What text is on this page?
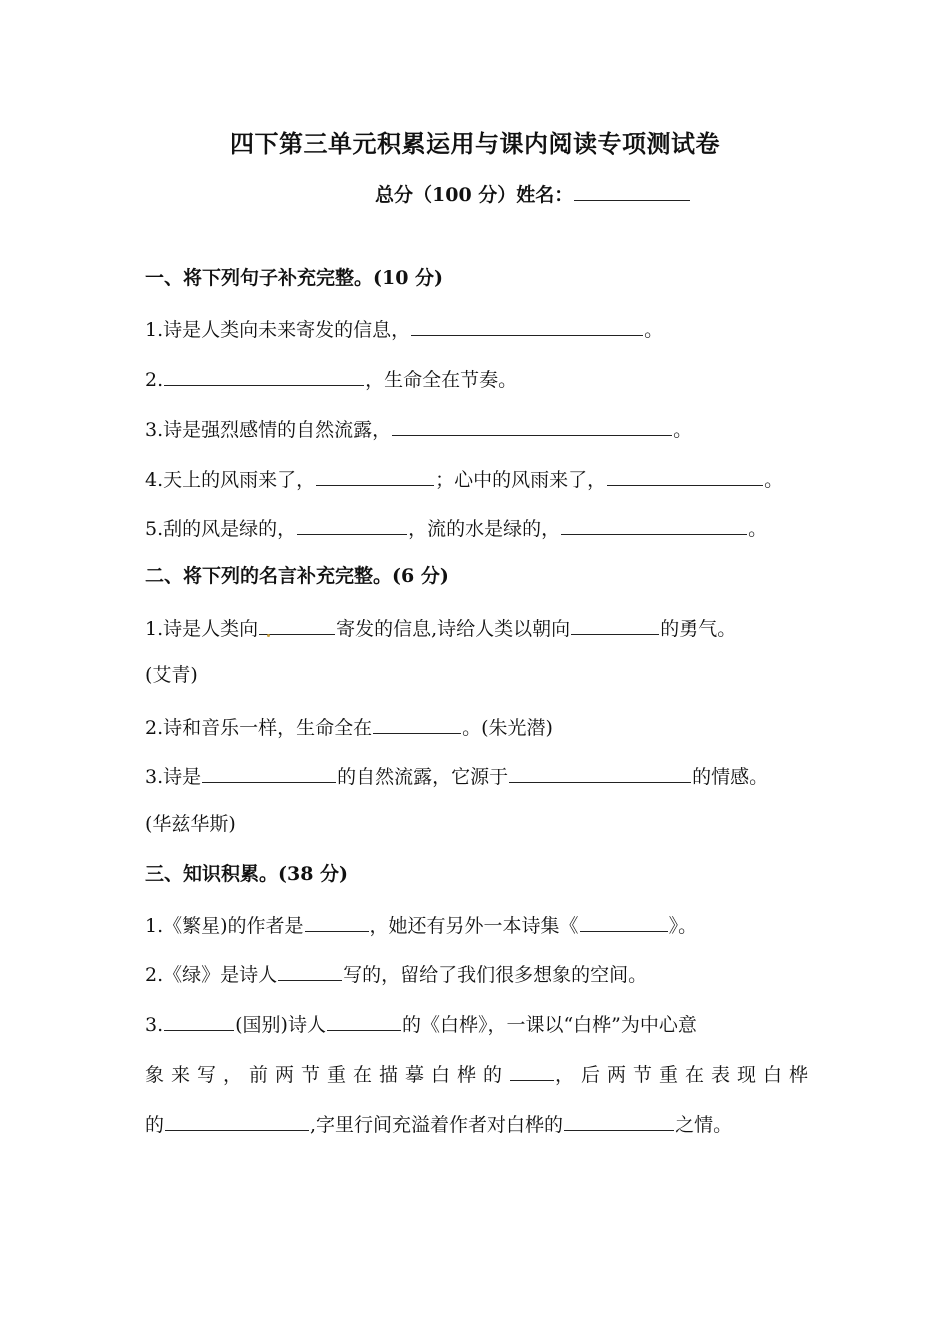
四下第三单元积累运用与课内阅读专项测试卷
总分（100 分）姓名：
一、将下列句子补充完整。(10 分)
1.诗是人类向未来寄发的信息，	。
2.	，生命全在节奏。
3.诗是强烈感情的自然流露，	。
4.天上的风雨来了，	；心中的风雨来了，	。
5.刮的风是绿的，	，流的水是绿的，	。
二、将下列的名言补充完整。(6 分)
1.诗是人类向	寄发的信息,诗给人类以朝向	的勇气。
(艾青)
2.诗和音乐一样，生命全在	。(朱光潜)
3.诗是	的自然流露，它源于	的情感。
(华兹华斯)
三、知识积累。(38 分)
1.《繁星)的作者是	，她还有另外一本诗集《	》。
2.《绿》是诗人	写的，留给了我们很多想象的空间。
3.	(国别)诗人	的《白桦》，一课以“白桦”为中心意
象来写，前两节重在描摹白桦的 ，后两节重在表现白桦
的	,字里行间充溢着作者对白桦的	之情。
